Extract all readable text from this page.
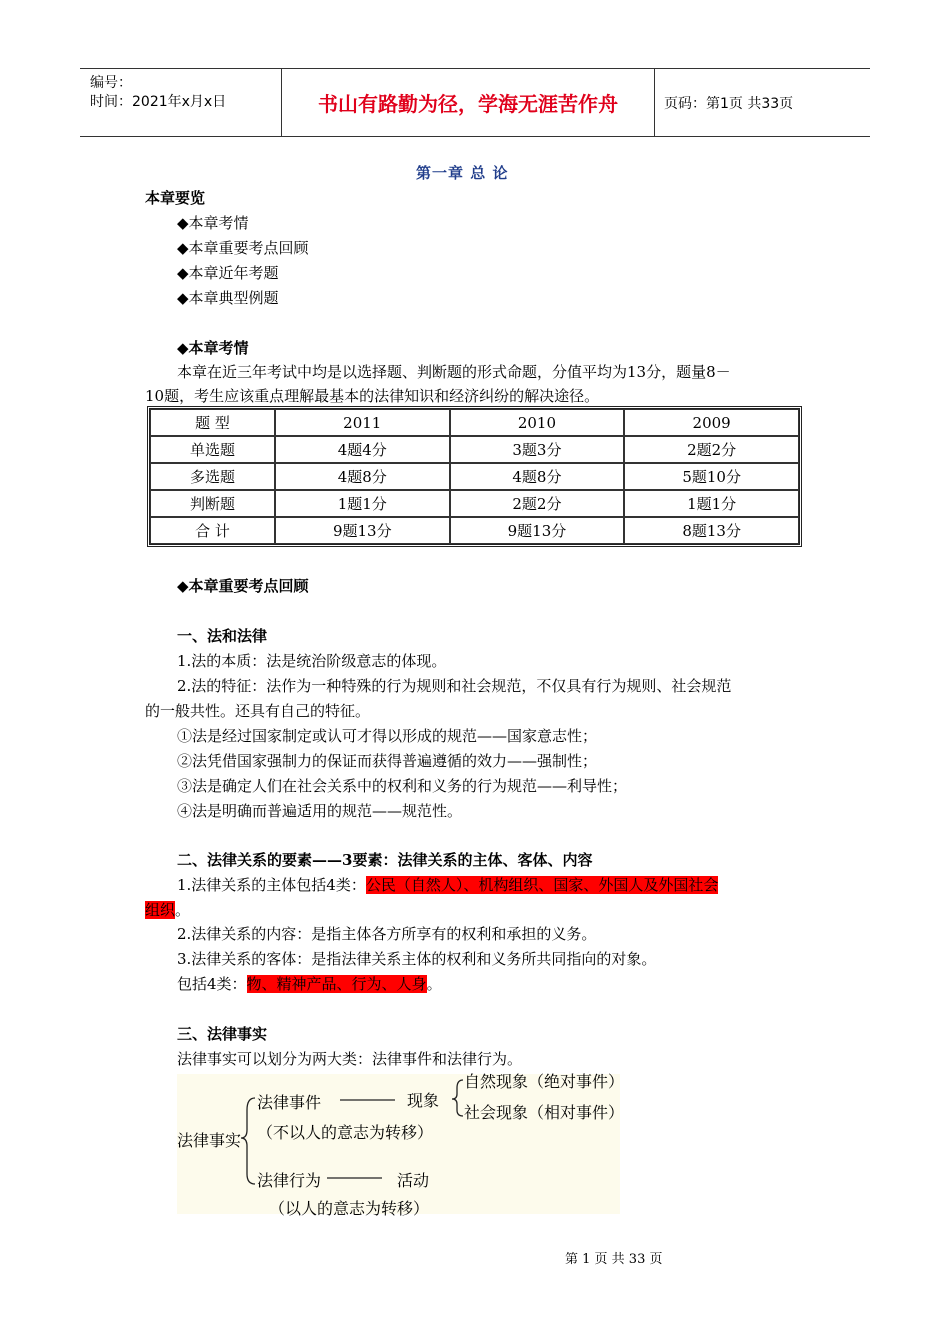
编号：
时间：2021年x月x日	书山有路勤为径，学海无涯苦作舟	页码：第1页 共33页
第一章 总 论
本章要览
◆本章考情
◆本章重要考点回顾
◆本章近年考题
◆本章典型例题
◆本章考情
本章在近三年考试中均是以选择题、判断题的形式命题，分值平均为13分，题量8－
10题，考生应该重点理解最基本的法律知识和经济纠纷的解决途径。
题 型	2011	2010	2009
单选题	4题4分	3题3分	2题2分
多选题	4题8分	4题8分	5题10分
判断题	1题1分	2题2分	1题1分
合 计	9题13分	9题13分	8题13分
◆本章重要考点回顾
一、法和法律
1.法的本质：法是统治阶级意志的体现。
2.法的特征：法作为一种特殊的行为规则和社会规范，不仅具有行为规则、社会规范
的一般共性。还具有自己的特征。
①法是经过国家制定或认可才得以形成的规范——国家意志性；
②法凭借国家强制力的保证而获得普遍遵循的效力——强制性；
③法是确定人们在社会关系中的权利和义务的行为规范——利导性；
④法是明确而普遍适用的规范——规范性。
二、法律关系的要素——3要素：法律关系的主体、客体、内容
1.法律关系的主体包括4类：公民（自然人）、机构组织、国家、外国人及外国社会
组织。
2.法律关系的内容：是指主体各方所享有的权利和承担的义务。
3.法律关系的客体：是指法律关系主体的权利和义务所共同指向的对象。
包括4类：物、精神产品、行为、人身。
三、法律事实
法律事实可以划分为两大类：法律事件和法律行为。
法律事实
法律事件	现象
自然现象（绝对事件）
社会现象（相对事件）
（不以人的意志为转移）
法律行为	活动
（以人的意志为转移）
第 1 页 共 33 页
